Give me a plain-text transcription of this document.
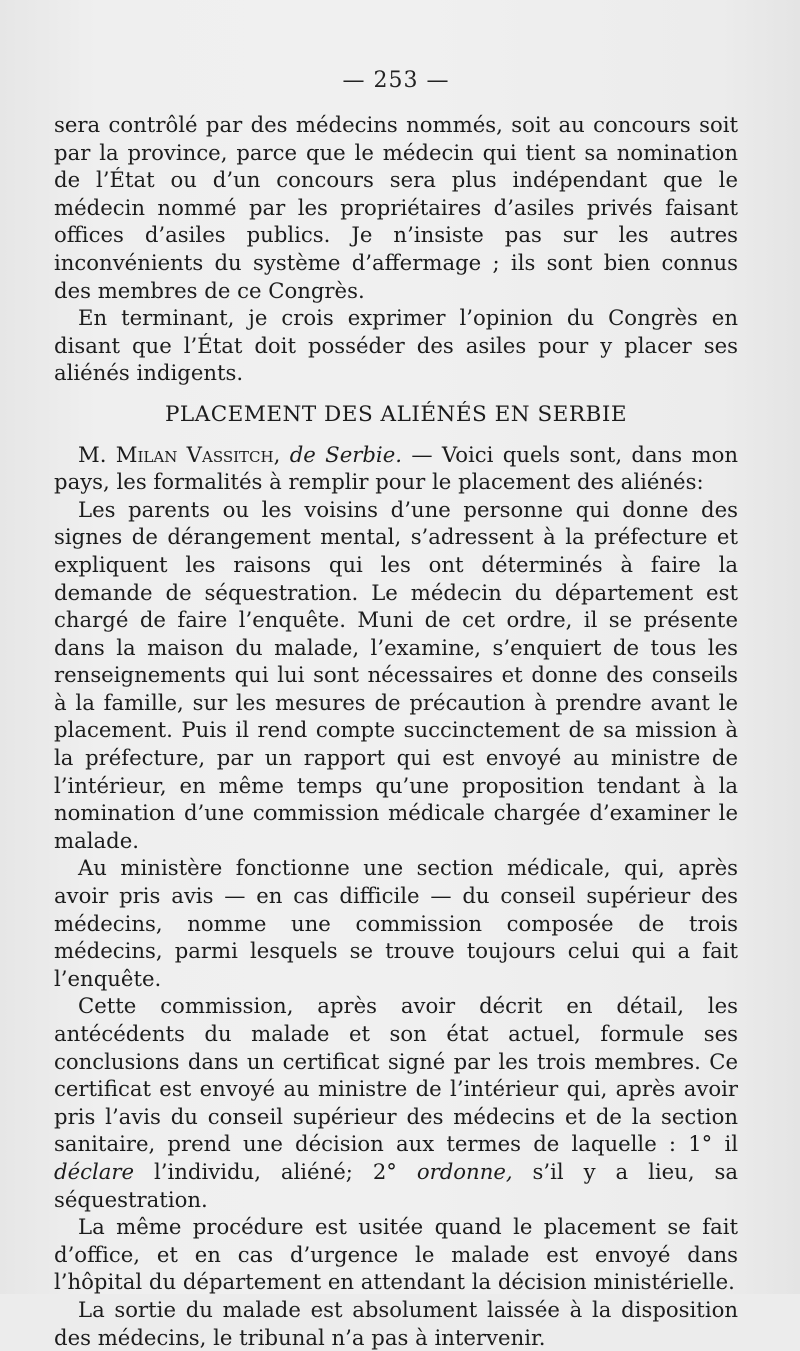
— 253 —

sera contrôlé par des médecins nommés, soit au concours soit par la province, parce que le médecin qui tient sa nomination de l’État ou d’un concours sera plus indépendant que le médecin nommé par les propriétaires d’asiles privés faisant offices d’asiles publics. Je n’insiste pas sur les autres inconvénients du système d’affermage ; ils sont bien connus des membres de ce Congrès.

En terminant, je crois exprimer l’opinion du Congrès en disant que l’État doit posséder des asiles pour y placer ses aliénés indigents.

PLACEMENT DES ALIÉNÉS EN SERBIE

M. Milan Vassitch, de Serbie. — Voici quels sont, dans mon pays, les formalités à remplir pour le placement des aliénés:

Les parents ou les voisins d’une personne qui donne des signes de dérangement mental, s’adressent à la préfecture et expliquent les raisons qui les ont déterminés à faire la demande de séquestration. Le médecin du département est chargé de faire l’enquête. Muni de cet ordre, il se présente dans la maison du malade, l’examine, s’enquiert de tous les renseignements qui lui sont nécessaires et donne des conseils à la famille, sur les mesures de précaution à prendre avant le placement. Puis il rend compte succinctement de sa mission à la préfecture, par un rapport qui est envoyé au ministre de l’intérieur, en même temps qu’une proposition tendant à la nomination d’une commission médicale chargée d’examiner le malade.

Au ministère fonctionne une section médicale, qui, après avoir pris avis — en cas difficile — du conseil supérieur des médecins, nomme une commission composée de trois médecins, parmi lesquels se trouve toujours celui qui a fait l’enquête.

Cette commission, après avoir décrit en détail, les antécédents du malade et son état actuel, formule ses conclusions dans un certificat signé par les trois membres. Ce certificat est envoyé au ministre de l’intérieur qui, après avoir pris l’avis du conseil supérieur des médecins et de la section sanitaire, prend une décision aux termes de laquelle : 1° il déclare l’individu, aliéné; 2° ordonne, s’il y a lieu, sa séquestration.

La même procédure est usitée quand le placement se fait d’office, et en cas d’urgence le malade est envoyé dans l’hôpital du département en attendant la décision ministérielle.

La sortie du malade est absolument laissée à la disposition des médecins, le tribunal n’a pas à intervenir.
